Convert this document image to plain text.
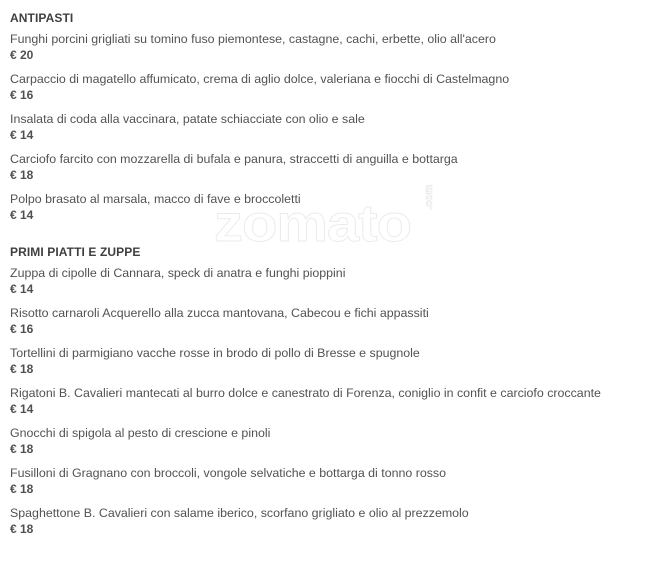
zomato .com
ANTIPASTI
Funghi porcini grigliati su tomino fuso piemontese, castagne, cachi, erbette, olio all'acero
€ 20
Carpaccio di magatello affumicato, crema di aglio dolce, valeriana e fiocchi di Castelmagno
€ 16
Insalata di coda alla vaccinara, patate schiacciate con olio e sale
€ 14
Carciofo farcito con mozzarella di bufala e panura, straccetti di anguilla e bottarga
€ 18
Polpo brasato al marsala, macco di fave e broccoletti
€ 14
PRIMI PIATTI E ZUPPE
Zuppa di cipolle di Cannara, speck di anatra e funghi pioppini
€ 14
Risotto carnaroli Acquerello alla zucca mantovana, Cabecou e fichi appassiti
€ 16
Tortellini di parmigiano vacche rosse in brodo di pollo di Bresse e spugnole
€ 18
Rigatoni B. Cavalieri mantecati al burro dolce e canestrato di Forenza, coniglio in confit e carciofo croccante
€ 14
Gnocchi di spigola al pesto di crescione e pinoli
€ 18
Fusilloni di Gragnano con broccoli, vongole selvatiche e bottarga di tonno rosso
€ 18
Spaghettone B. Cavalieri con salame iberico, scorfano grigliato e olio al prezzemolo
€ 18
